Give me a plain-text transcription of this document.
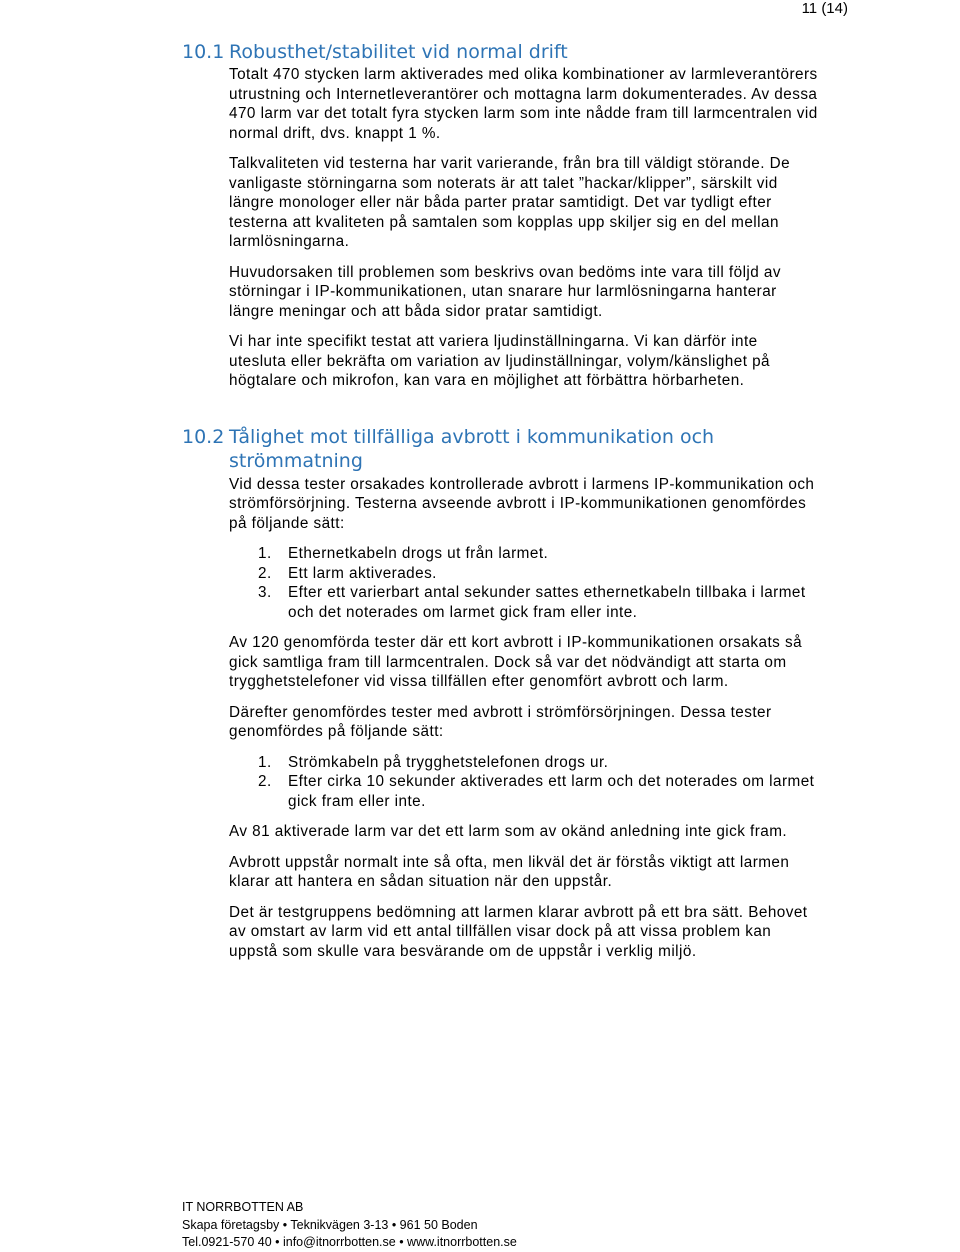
11 (14)
10.1 Robusthet/stabilitet vid normal drift

Totalt 470 stycken larm aktiverades med olika kombinationer av larmleverantörers utrustning och Internetleverantörer och mottagna larm dokumenterades. Av dessa 470 larm var det totalt fyra stycken larm som inte nådde fram till larmcentralen vid normal drift, dvs. knappt 1 %.

Talkvaliteten vid testerna har varit varierande, från bra till väldigt störande. De vanligaste störningarna som noterats är att talet ”hackar/klipper”, särskilt vid längre monologer eller när båda parter pratar samtidigt. Det var tydligt efter testerna att kvaliteten på samtalen som kopplas upp skiljer sig en del mellan larmlösningarna.

Huvudorsaken till problemen som beskrivs ovan bedöms inte vara till följd av störningar i IP-kommunikationen, utan snarare hur larmlösningarna hanterar längre meningar och att båda sidor pratar samtidigt.

Vi har inte specifikt testat att variera ljudinställningarna. Vi kan därför inte utesluta eller bekräfta om variation av ljudinställningar, volym/känslighet på högtalare och mikrofon, kan vara en möjlighet att förbättra hörbarheten.

10.2 Tålighet mot tillfälliga avbrott i kommunikation och strömmatning

Vid dessa tester orsakades kontrollerade avbrott i larmens IP-kommunikation och strömförsörjning. Testerna avseende avbrott i IP-kommunikationen genomfördes på följande sätt:

1.	Ethernetkabeln drogs ut från larmet.
2.	Ett larm aktiverades.
3.	Efter ett varierbart antal sekunder sattes ethernetkabeln tillbaka i larmet och det noterades om larmet gick fram eller inte.

Av 120 genomförda tester där ett kort avbrott i IP-kommunikationen orsakats så gick samtliga fram till larmcentralen. Dock så var det nödvändigt att starta om trygghetstelefoner vid vissa tillfällen efter genomfört avbrott och larm.

Därefter genomfördes tester med avbrott i strömförsörjningen. Dessa tester genomfördes på följande sätt:

1.	Strömkabeln på trygghetstelefonen drogs ur.
2.	Efter cirka 10 sekunder aktiverades ett larm och det noterades om larmet gick fram eller inte.

Av 81 aktiverade larm var det ett larm som av okänd anledning inte gick fram.

Avbrott uppstår normalt inte så ofta, men likväl det är förstås viktigt att larmen klarar att hantera en sådan situation när den uppstår.

Det är testgruppens bedömning att larmen klarar avbrott på ett bra sätt. Behovet av omstart av larm vid ett antal tillfällen visar dock på att vissa problem kan uppstå som skulle vara besvärande om de uppstår i verklig miljö.

IT NORRBOTTEN AB
Skapa företagsby • Teknikvägen 3-13 • 961 50 Boden
Tel.0921-570 40 • info@itnorrbotten.se • www.itnorrbotten.se
